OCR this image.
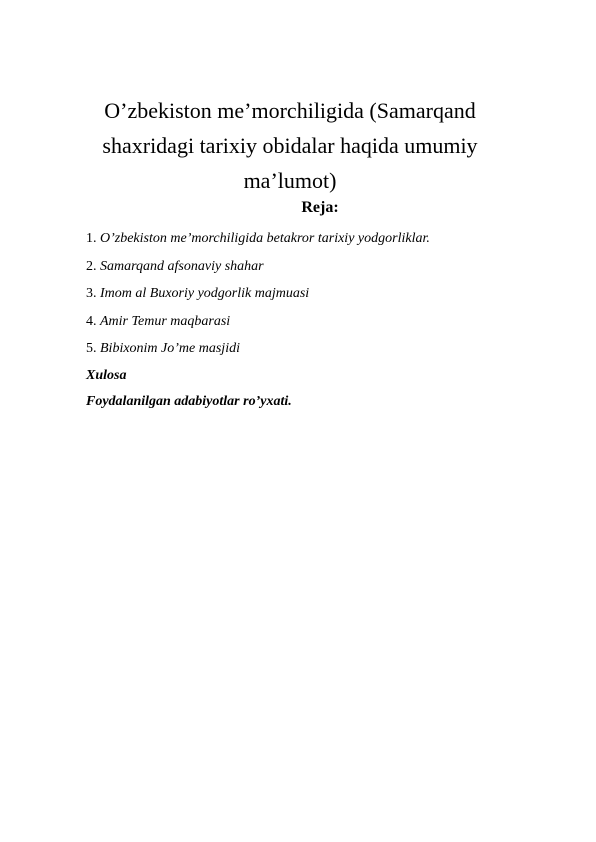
O’zbekiston me’morchiligida (Samarqand
shaxridagi tarixiy obidalar haqida umumiy
ma’lumot)
Reja:
1. O’zbekiston me’morchiligida betakror tarixiy yodgorliklar.
2. Samarqand afsonaviy shahar
3. Imom al Buxoriy yodgorlik majmuasi
4. Amir Temur maqbarasi
5. Bibixonim Jo’me masjidi
Xulosa
Foydalanilgan adabiyotlar ro’yxati.
